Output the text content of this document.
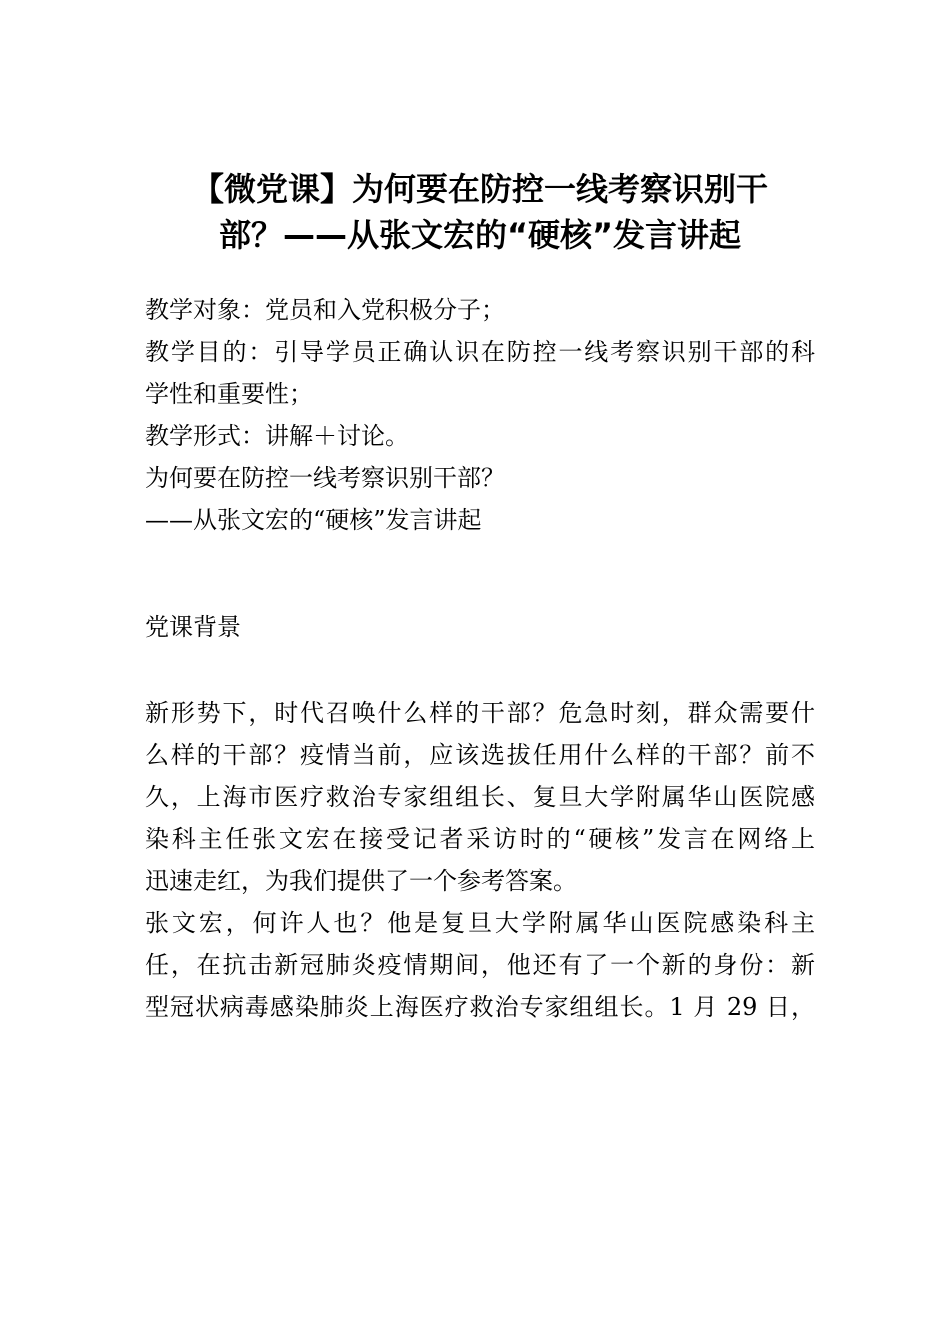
【微党课】为何要在防控一线考察识别干
部？——从张文宏的“硬核”发言讲起
教学对象：党员和入党积极分子；
教学目的：引导学员正确认识在防控一线考察识别干部的科
学性和重要性；
教学形式：讲解＋讨论。
为何要在防控一线考察识别干部？
——从张文宏的“硬核”发言讲起
党课背景
新形势下，时代召唤什么样的干部？危急时刻，群众需要什
么样的干部？疫情当前，应该选拔任用什么样的干部？前不
久，上海市医疗救治专家组组长、复旦大学附属华山医院感
染科主任张文宏在接受记者采访时的“硬核”发言在网络上
迅速走红，为我们提供了一个参考答案。
张文宏，何许人也？他是复旦大学附属华山医院感染科主
任，在抗击新冠肺炎疫情期间，他还有了一个新的身份：新
型冠状病毒感染肺炎上海医疗救治专家组组长。1 月 29 日，
